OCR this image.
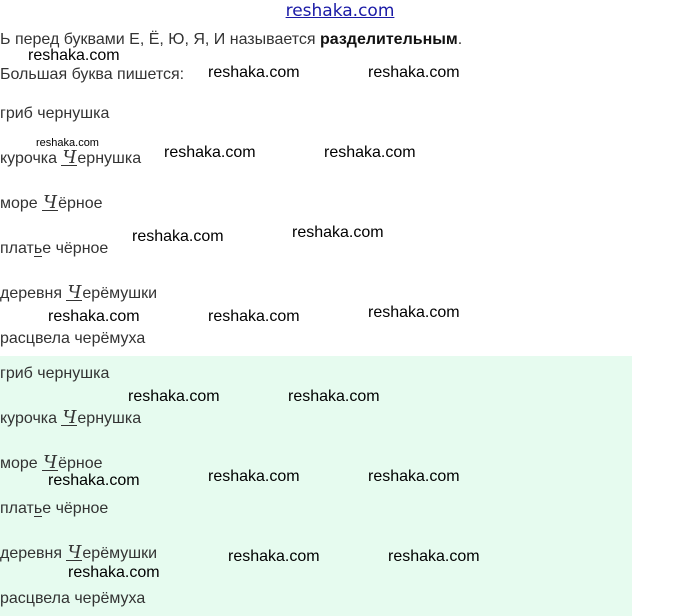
reshaka.com
Ь перед буквами Е, Ё, Ю, Я, И называется разделительным.
Большая буква пишется:
гриб чернушка
курочка Чернушка
море Чёрное
платье чёрное
деревня Черёмушки
расцвела черёмуха
гриб чернушка
курочка Чернушка
море Чёрное
платье чёрное
деревня Черёмушки
расцвела черёмуха
reshaka.com
reshaka.com	reshaka.com
reshaka.com
reshaka.com	reshaka.com
reshaka.com	reshaka.com
reshaka.com	reshaka.com	reshaka.com
reshaka.com	reshaka.com
reshaka.com	reshaka.com	reshaka.com
reshaka.com	reshaka.com
reshaka.com
